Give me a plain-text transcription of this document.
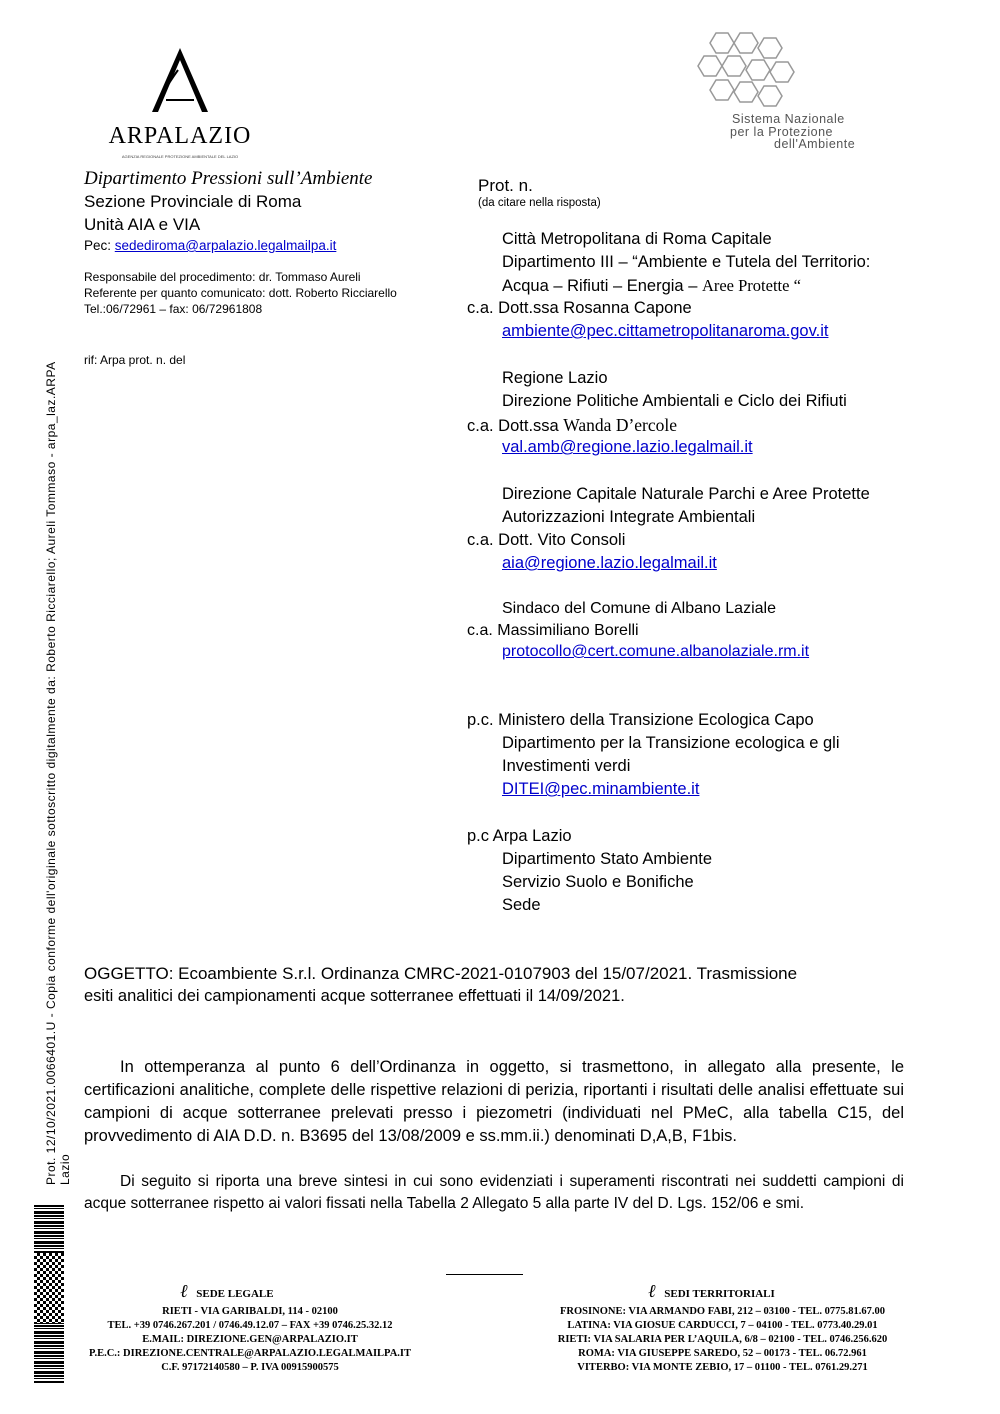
Prot. 12/10/2021.0066401.U - Copia conforme dell'originale sottoscritto digitalmente da: Roberto Ricciarello; Aureli Tommaso - arpa_laz.ARPA Lazio
ARPALAZIO
AGENZIA REGIONALE PROTEZIONE AMBIENTALE DEL LAZIO
Sistema Nazionale
per la Protezione
dell'Ambiente
Dipartimento Pressioni sull’Ambiente
Sezione Provinciale di Roma
Unità AIA e VIA
Pec: sedediroma@arpalazio.legalmailpa.it
Responsabile del procedimento: dr. Tommaso Aureli
Referente per quanto comunicato: dott. Roberto Ricciarello
Tel.:06/72961 – fax: 06/72961808
rif: Arpa prot. n. del
Prot. n.
(da citare nella risposta)
Città Metropolitana di Roma Capitale
Dipartimento III – “Ambiente e Tutela del Territorio:
Acqua – Rifiuti – Energia – Aree Protette “
c.a. Dott.ssa Rosanna Capone
ambiente@pec.cittametropolitanaroma.gov.it
Regione Lazio
Direzione Politiche Ambientali e Ciclo dei Rifiuti
c.a. Dott.ssa Wanda D’ercole
val.amb@regione.lazio.legalmail.it
Direzione Capitale Naturale Parchi e Aree Protette
Autorizzazioni Integrate Ambientali
c.a. Dott. Vito Consoli
aia@regione.lazio.legalmail.it
Sindaco del Comune di Albano Laziale
c.a. Massimiliano Borelli
protocollo@cert.comune.albanolaziale.rm.it
p.c. Ministero della Transizione Ecologica Capo
Dipartimento per la Transizione ecologica e gli
Investimenti verdi
DITEI@pec.minambiente.it
p.c Arpa Lazio
Dipartimento Stato Ambiente
Servizio Suolo e Bonifiche
Sede
OGGETTO: Ecoambiente S.r.l. Ordinanza CMRC-2021-0107903 del 15/07/2021. Trasmissione
esiti analitici dei campionamenti acque sotterranee effettuati il 14/09/2021.
In ottemperanza al punto 6 dell’Ordinanza in oggetto, si trasmettono, in allegato alla presente, le certificazioni analitiche, complete delle rispettive relazioni di perizia, riportanti i risultati delle analisi effettuate sui campioni di acque sotterranee prelevati presso i piezometri (individuati nel PMeC, alla tabella C15, del provvedimento di AIA D.D. n. B3695 del 13/08/2009 e ss.mm.ii.) denominati D,A,B, F1bis.
Di seguito si riporta una breve sintesi in cui sono evidenziati i superamenti riscontrati nei suddetti campioni di acque sotterranee rispetto ai valori fissati nella Tabella 2 Allegato 5 alla parte IV del D. Lgs. 152/06 e smi.
ℓ SEDE LEGALE
RIETI - VIA GARIBALDI, 114 - 02100
TEL. +39 0746.267.201 / 0746.49.12.07 – FAX +39 0746.25.32.12
E.MAIL: DIREZIONE.GEN@ARPALAZIO.IT
P.E.C.: DIREZIONE.CENTRALE@ARPALAZIO.LEGALMAILPA.IT
C.F. 97172140580 – P. IVA 00915900575
ℓ SEDI TERRITORIALI
FROSINONE: VIA ARMANDO FABI, 212 – 03100 - TEL. 0775.81.67.00
LATINA: VIA GIOSUE CARDUCCI, 7 – 04100 - TEL. 0773.40.29.01
RIETI: VIA SALARIA PER L’AQUILA, 6/8 – 02100 - TEL. 0746.256.620
ROMA: VIA GIUSEPPE SAREDO, 52 – 00173 - TEL. 06.72.961
VITERBO: VIA MONTE ZEBIO, 17 – 01100 - TEL. 0761.29.271
